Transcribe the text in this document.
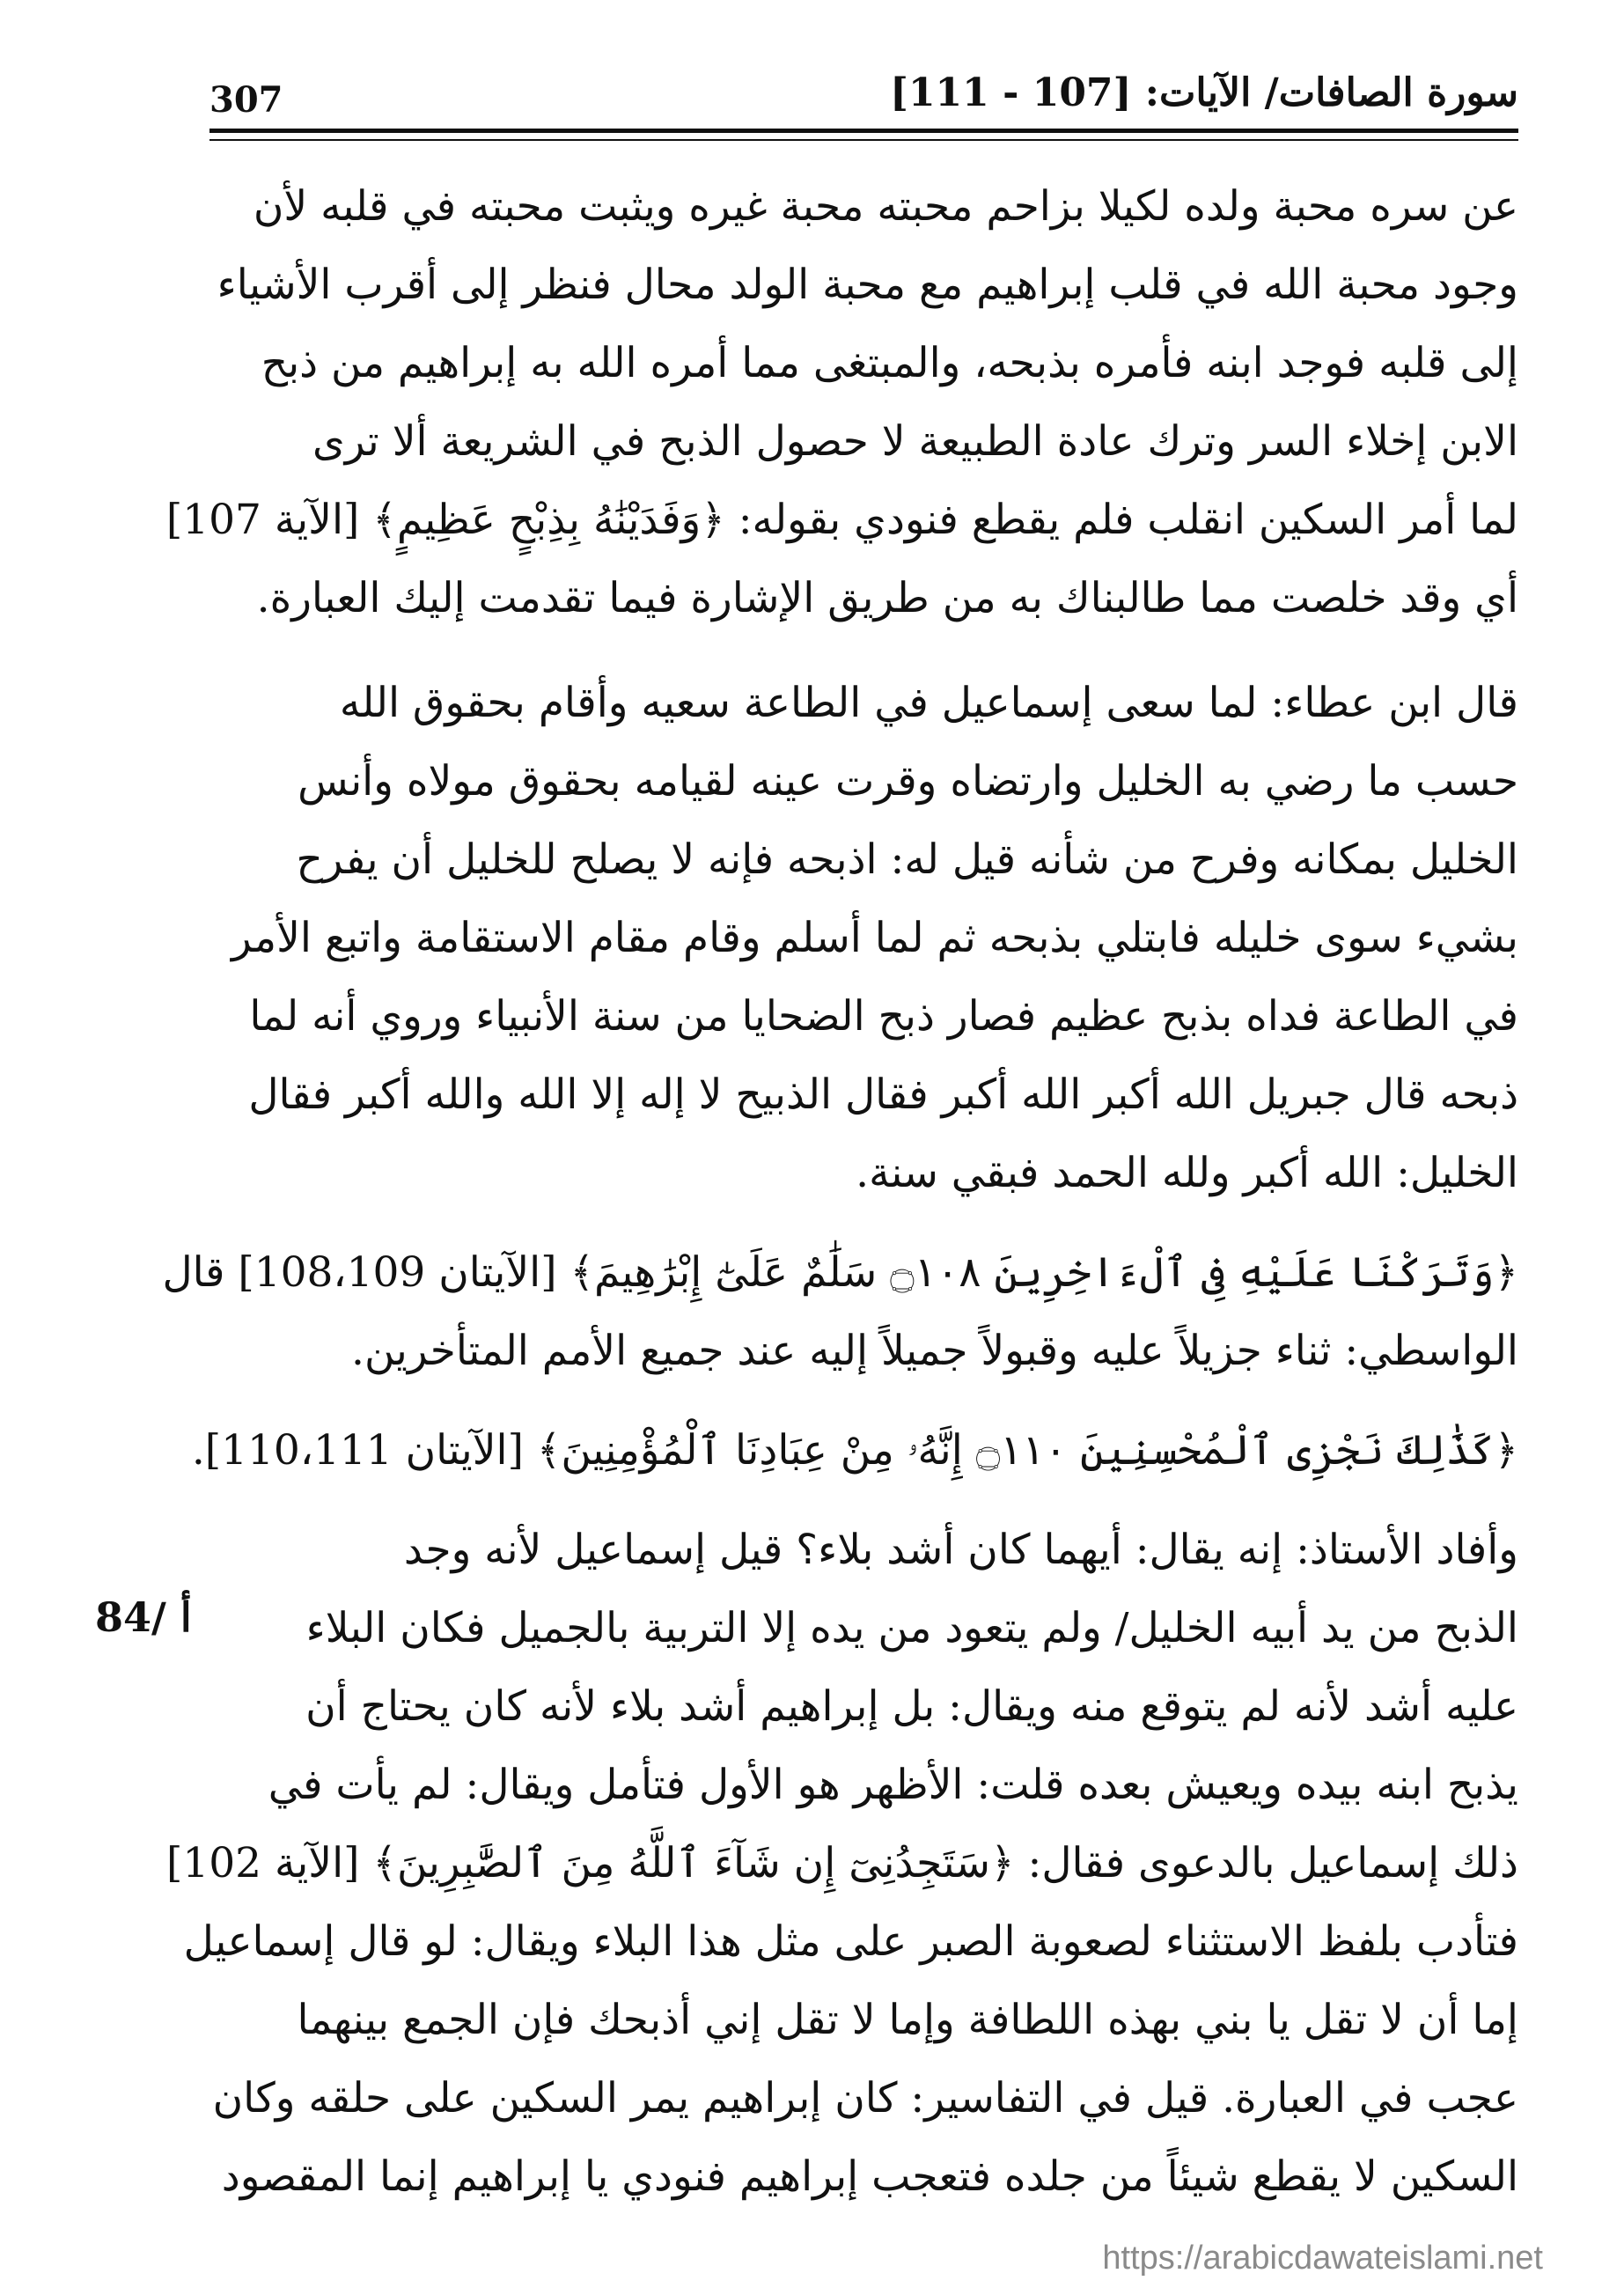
307	سورة الصافات/ الآيات: [107 - 111]

عن سره محبة ولده لكيلا بزاحم محبته محبة غيره ويثبت محبته في قلبه لأن
وجود محبة الله في قلب إبراهيم مع محبة الولد محال فنظر إلى أقرب الأشياء
إلى قلبه فوجد ابنه فأمره بذبحه، والمبتغى مما أمره الله به إبراهيم من ذبح
الابن إخلاء السر وترك عادة الطبيعة لا حصول الذبح في الشريعة ألا ترى
لما أمر السكين انقلب فلم يقطع فنودي بقوله: ﴿وَفَدَيْنَٰهُ بِذِبْحٍ عَظِيمٍ﴾ [الآية 107]
أي وقد خلصت مما طالبناك به من طريق الإشارة فيما تقدمت إليك العبارة.

قال ابن عطاء: لما سعى إسماعيل في الطاعة سعيه وأقام بحقوق الله
حسب ما رضي به الخليل وارتضاه وقرت عينه لقيامه بحقوق مولاه وأنس
الخليل بمكانه وفرح من شأنه قيل له: اذبحه فإنه لا يصلح للخليل أن يفرح
بشيء سوى خليله فابتلي بذبحه ثم لما أسلم وقام مقام الاستقامة واتبع الأمر
في الطاعة فداه بذبح عظيم فصار ذبح الضحايا من سنة الأنبياء وروي أنه لما
ذبحه قال جبريل الله أكبر الله أكبر فقال الذبيح لا إله إلا الله والله أكبر فقال
الخليل: الله أكبر ولله الحمد فبقي سنة.

﴿وَتَرَكْنَا عَلَيْهِ فِى ٱلْءَاخِرِينَ ۝١٠٨ سَلَٰمٌ عَلَىٰٓ إِبْرَٰهِيمَ﴾ [الآيتان 108،109] قال
الواسطي: ثناء جزيلاً عليه وقبولاً جميلاً إليه عند جميع الأمم المتأخرين.

﴿كَذَٰلِكَ نَجْزِى ٱلْمُحْسِنِينَ ۝١١٠ إِنَّهُۥ مِنْ عِبَادِنَا ٱلْمُؤْمِنِينَ﴾ [الآيتان 110،111].

وأفاد الأستاذ: إنه يقال: أيهما كان أشد بلاء؟ قيل إسماعيل لأنه وجد
الذبح من يد أبيه الخليل/ ولم يتعود من يده إلا التربية بالجميل فكان البلاء
عليه أشد لأنه لم يتوقع منه ويقال: بل إبراهيم أشد بلاء لأنه كان يحتاج أن
يذبح ابنه بيده ويعيش بعده قلت: الأظهر هو الأول فتأمل ويقال: لم يأت في
ذلك إسماعيل بالدعوى فقال: ﴿سَتَجِدُنِىٓ إِن شَآءَ ٱللَّهُ مِنَ ٱلصَّٰبِرِينَ﴾ [الآية 102]
فتأدب بلفظ الاستثناء لصعوبة الصبر على مثل هذا البلاء ويقال: لو قال إسماعيل
إما أن لا تقل يا بني بهذه اللطافة وإما لا تقل إني أذبحك فإن الجمع بينهما
عجب في العبارة. قيل في التفاسير: كان إبراهيم يمر السكين على حلقه وكان
السكين لا يقطع شيئاً من جلده فتعجب إبراهيم فنودي يا إبراهيم إنما المقصود

84/ أ
https://arabicdawateislami.net
